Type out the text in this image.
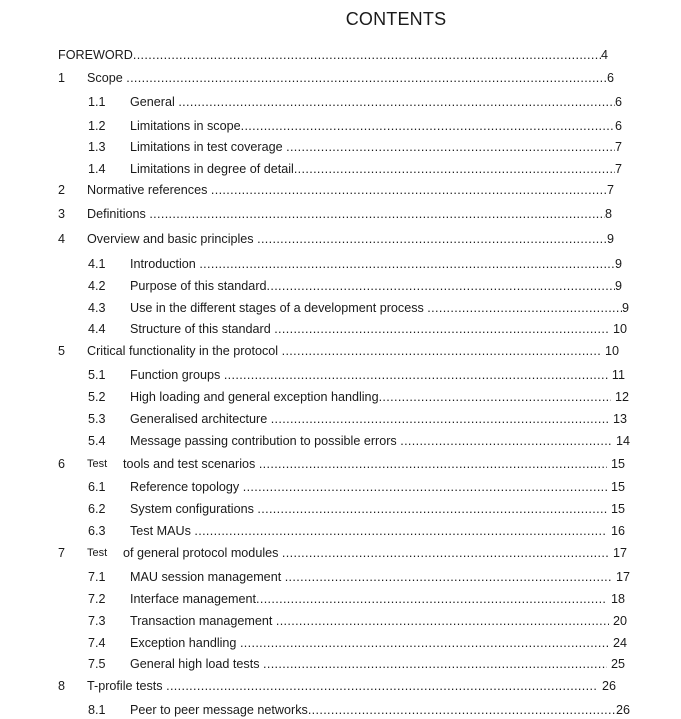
CONTENTS
FOREWORD .....	4
1 Scope .....	6
1.1 General .....	6
1.2 Limitations in scope .....	6
1.3 Limitations in test coverage .....	7
1.4 Limitations in degree of detail .....	7
2 Normative references .....	7
3 Definitions .....	8
4 Overview and basic principles .....	9
4.1 Introduction .....	9
4.2 Purpose of this standard .....	9
4.3 Use in the different stages of a development process .....	9
4.4 Structure of this standard .....	10
5 Critical functionality in the protocol .....	10
5.1 Function groups .....	11
5.2 High loading and general exception handling .....	12
5.3 Generalised architecture .....	13
5.4 Message passing contribution to possible errors .....	14
6 Test	tools and test scenarios .....	15
6.1 Reference topology .....	15
6.2 System configurations .....	15
6.3 Test MAUs .....	16
7 Test	of general protocol modules .....	17
7.1 MAU session management .....	17
7.2 Interface management .....	18
7.3 Transaction management .....	20
7.4 Exception handling .....	24
7.5 General high load tests .....	25
8 T-profile tests .....	26
8.1 Peer to peer message networks .....	26
